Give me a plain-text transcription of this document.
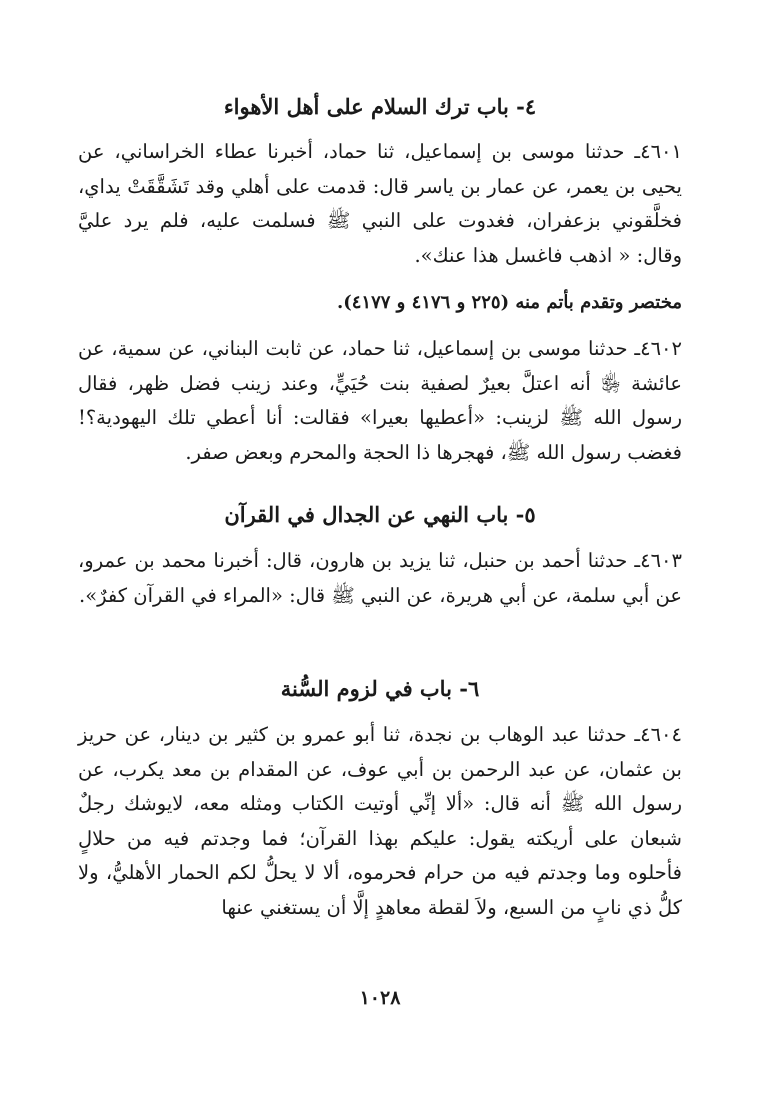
٤- باب ترك السلام على أهل الأهواء

٤٦٠١ـ حدثنا موسى بن إسماعيل، ثنا حماد، أخبرنا عطاء الخراساني، عن يحيى بن يعمر، عن عمار بن ياسر قال: قدمت على أهلي وقد تَشَقَّقَتْ يداي، فخلَّقوني بزعفران، فغدوت على النبي ﷺ فسلمت عليه، فلم يرد عليَّ وقال: « اذهب فاغسل هذا عنك».

مختصر وتقدم بأتم منه (٢٢٥ و ٤١٧٦ و ٤١٧٧).

٤٦٠٢ـ حدثنا موسى بن إسماعيل، ثنا حماد، عن ثابت البناني، عن سمية، عن عائشة ﵂ أنه اعتلَّ بعيرٌ لصفية بنت حُيَيٍّ، وعند زينب فضل ظهر، فقال رسول الله ﷺ لزينب: «أعطيها بعيرا» فقالت: أنا أعطي تلك اليهودية؟! فغضب رسول الله ﷺ، فهجرها ذا الحجة والمحرم وبعض صفر.

٥- باب النهي عن الجدال في القرآن

٤٦٠٣ـ حدثنا أحمد بن حنبل، ثنا يزيد بن هارون، قال: أخبرنا محمد بن عمرو، عن أبي سلمة، عن أبي هريرة، عن النبي ﷺ قال: «المراء في القرآن كفرٌ».

٦- باب في لزوم السُّنة

٤٦٠٤ـ حدثنا عبد الوهاب بن نجدة، ثنا أبو عمرو بن كثير بن دينار، عن حريز بن عثمان، عن عبد الرحمن بن أبي عوف، عن المقدام بن معد يكرب، عن رسول الله ﷺ أنه قال: «ألا إنِّي أوتيت الكتاب ومثله معه، لايوشك رجلٌ شبعان على أريكته يقول: عليكم بهذا القرآن؛ فما وجدتم فيه من حلالٍ فأحلوه وما وجدتم فيه من حرام فحرموه، ألا لا يحلُّ لكم الحمار الأهليُّ، ولا كلُّ ذي نابٍ من السبع، ولاَ لقطة معاهدٍ إلَّا أن يستغني عنها

١٠٢٨
